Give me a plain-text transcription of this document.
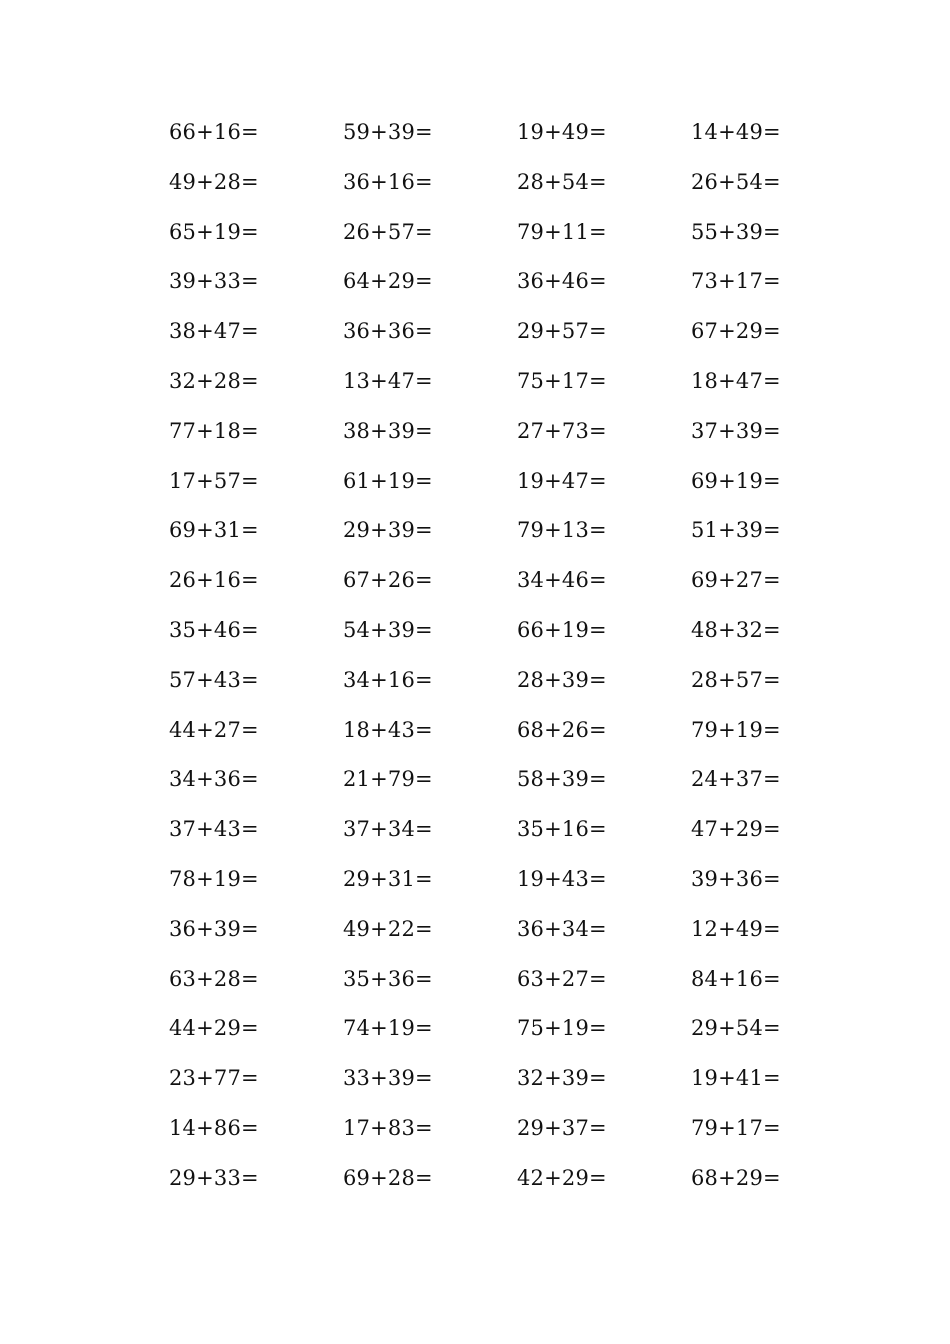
66+16=	59+39=	19+49=	14+49=
49+28=	36+16=	28+54=	26+54=
65+19=	26+57=	79+11=	55+39=
39+33=	64+29=	36+46=	73+17=
38+47=	36+36=	29+57=	67+29=
32+28=	13+47=	75+17=	18+47=
77+18=	38+39=	27+73=	37+39=
17+57=	61+19=	19+47=	69+19=
69+31=	29+39=	79+13=	51+39=
26+16=	67+26=	34+46=	69+27=
35+46=	54+39=	66+19=	48+32=
57+43=	34+16=	28+39=	28+57=
44+27=	18+43=	68+26=	79+19=
34+36=	21+79=	58+39=	24+37=
37+43=	37+34=	35+16=	47+29=
78+19=	29+31=	19+43=	39+36=
36+39=	49+22=	36+34=	12+49=
63+28=	35+36=	63+27=	84+16=
44+29=	74+19=	75+19=	29+54=
23+77=	33+39=	32+39=	19+41=
14+86=	17+83=	29+37=	79+17=
29+33=	69+28=	42+29=	68+29=
